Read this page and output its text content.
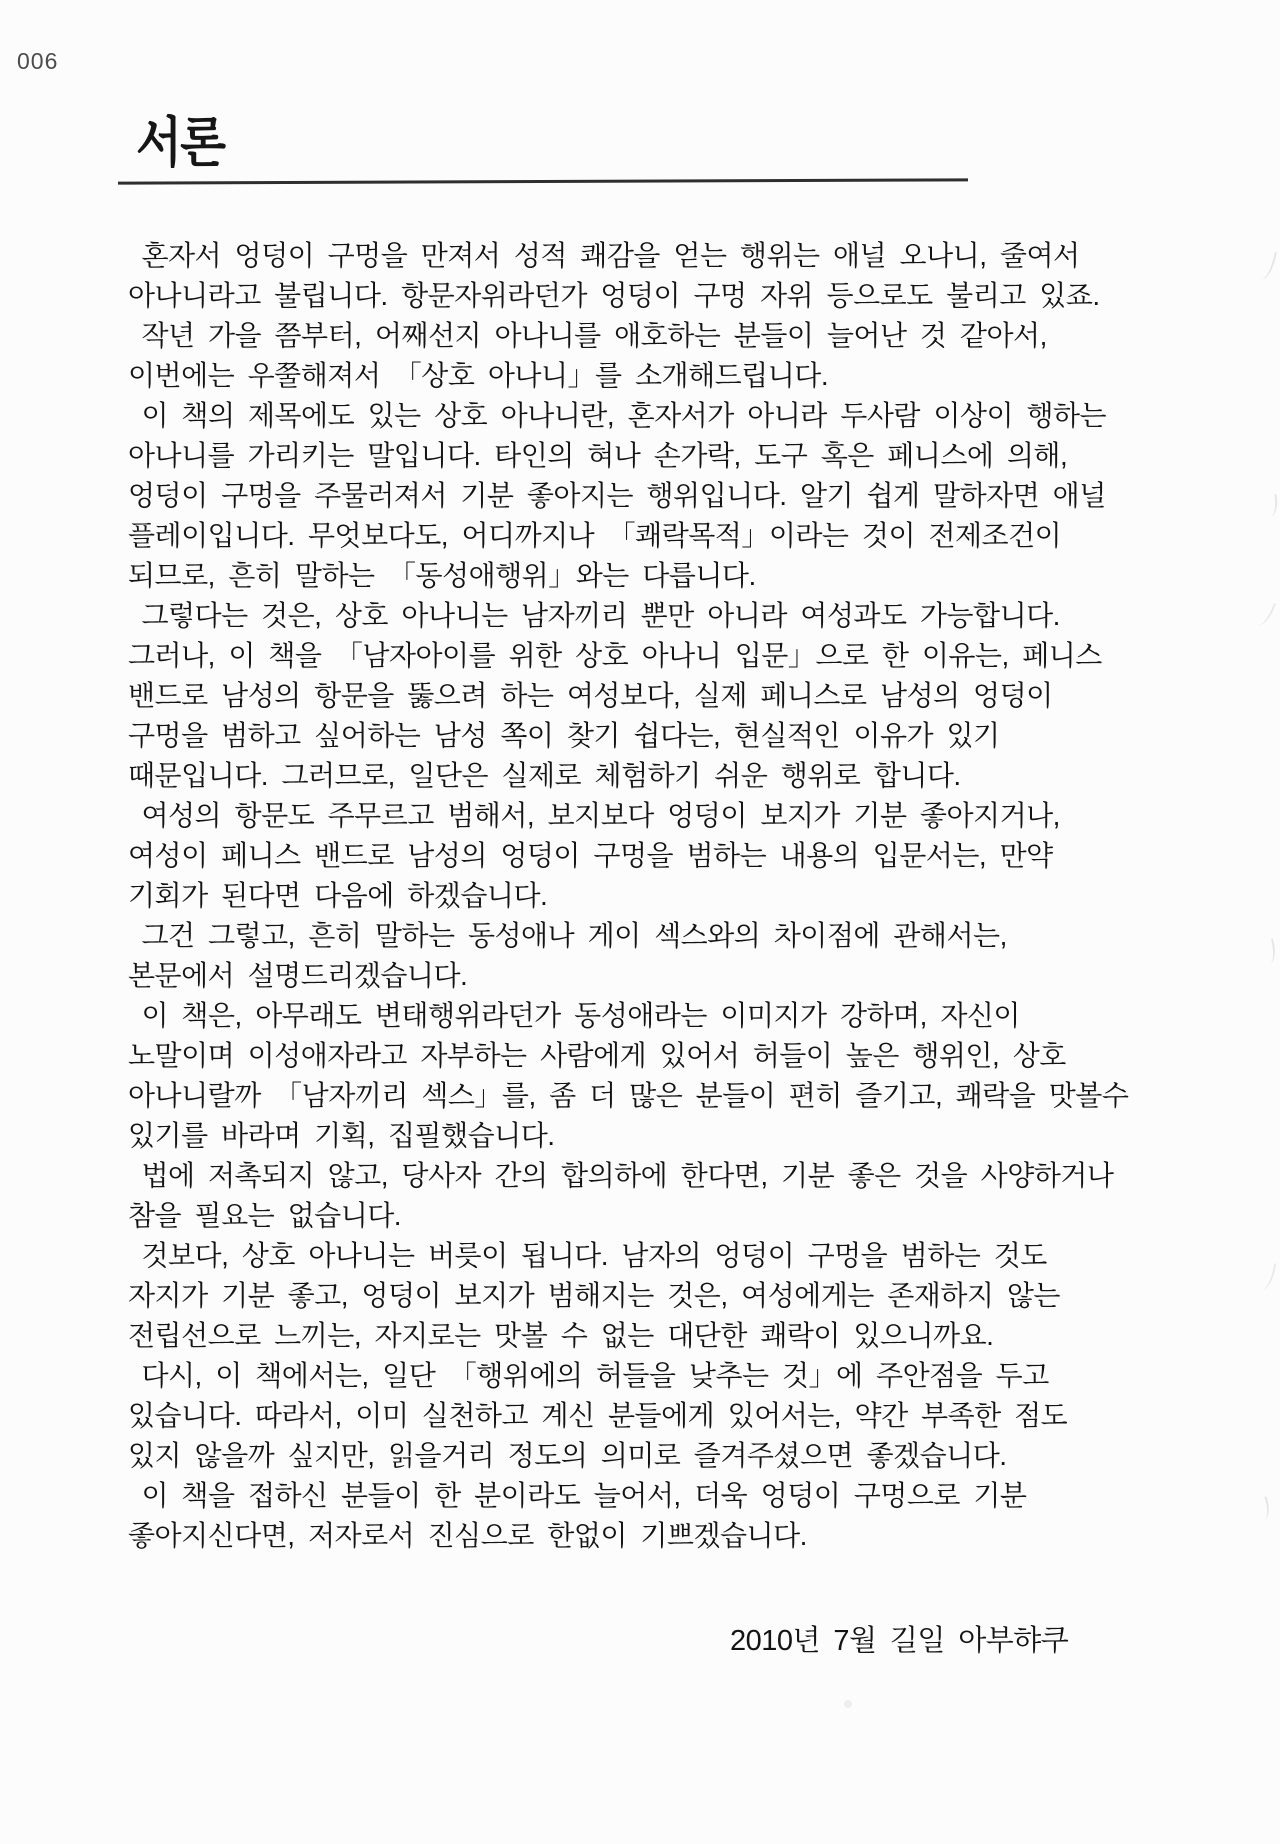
006
서론
혼자서 엉덩이 구멍을 만져서 성적 쾌감을 얻는 행위는 애널 오나니, 줄여서
아나니라고 불립니다. 항문자위라던가 엉덩이 구멍 자위 등으로도 불리고 있죠.
작년 가을 쯤부터, 어째선지 아나니를 애호하는 분들이 늘어난 것 같아서,
이번에는 우쭐해져서 「상호 아나니」를 소개해드립니다.
이 책의 제목에도 있는 상호 아나니란, 혼자서가 아니라 두사람 이상이 행하는
아나니를 가리키는 말입니다. 타인의 혀나 손가락, 도구 혹은 페니스에 의해,
엉덩이 구멍을 주물러져서 기분 좋아지는 행위입니다. 알기 쉽게 말하자면 애널
플레이입니다. 무엇보다도, 어디까지나 「쾌락목적」이라는 것이 전제조건이
되므로, 흔히 말하는 「동성애행위」와는 다릅니다.
그렇다는 것은, 상호 아나니는 남자끼리 뿐만 아니라 여성과도 가능합니다.
그러나, 이 책을 「남자아이를 위한 상호 아나니 입문」으로 한 이유는, 페니스
밴드로 남성의 항문을 뚫으려 하는 여성보다, 실제 페니스로 남성의 엉덩이
구멍을 범하고 싶어하는 남성 쪽이 찾기 쉽다는, 현실적인 이유가 있기
때문입니다. 그러므로, 일단은 실제로 체험하기 쉬운 행위로 합니다.
여성의 항문도 주무르고 범해서, 보지보다 엉덩이 보지가 기분 좋아지거나,
여성이 페니스 밴드로 남성의 엉덩이 구멍을 범하는 내용의 입문서는, 만약
기회가 된다면 다음에 하겠습니다.
그건 그렇고, 흔히 말하는 동성애나 게이 섹스와의 차이점에 관해서는,
본문에서 설명드리겠습니다.
이 책은, 아무래도 변태행위라던가 동성애라는 이미지가 강하며, 자신이
노말이며 이성애자라고 자부하는 사람에게 있어서 허들이 높은 행위인, 상호
아나니랄까 「남자끼리 섹스」를, 좀 더 많은 분들이 편히 즐기고, 쾌락을 맛볼수
있기를 바라며 기획, 집필했습니다.
법에 저촉되지 않고, 당사자 간의 합의하에 한다면, 기분 좋은 것을 사양하거나
참을 필요는 없습니다.
것보다, 상호 아나니는 버릇이 됩니다. 남자의 엉덩이 구멍을 범하는 것도
자지가 기분 좋고, 엉덩이 보지가 범해지는 것은, 여성에게는 존재하지 않는
전립선으로 느끼는, 자지로는 맛볼 수 없는 대단한 쾌락이 있으니까요.
다시, 이 책에서는, 일단 「행위에의 허들을 낮추는 것」에 주안점을 두고
있습니다. 따라서, 이미 실천하고 계신 분들에게 있어서는, 약간 부족한 점도
있지 않을까 싶지만, 읽을거리 정도의 의미로 즐겨주셨으면 좋겠습니다.
이 책을 접하신 분들이 한 분이라도 늘어서, 더욱 엉덩이 구멍으로 기분
좋아지신다면, 저자로서 진심으로 한없이 기쁘겠습니다.
2010년 7월 길일 아부햐쿠
